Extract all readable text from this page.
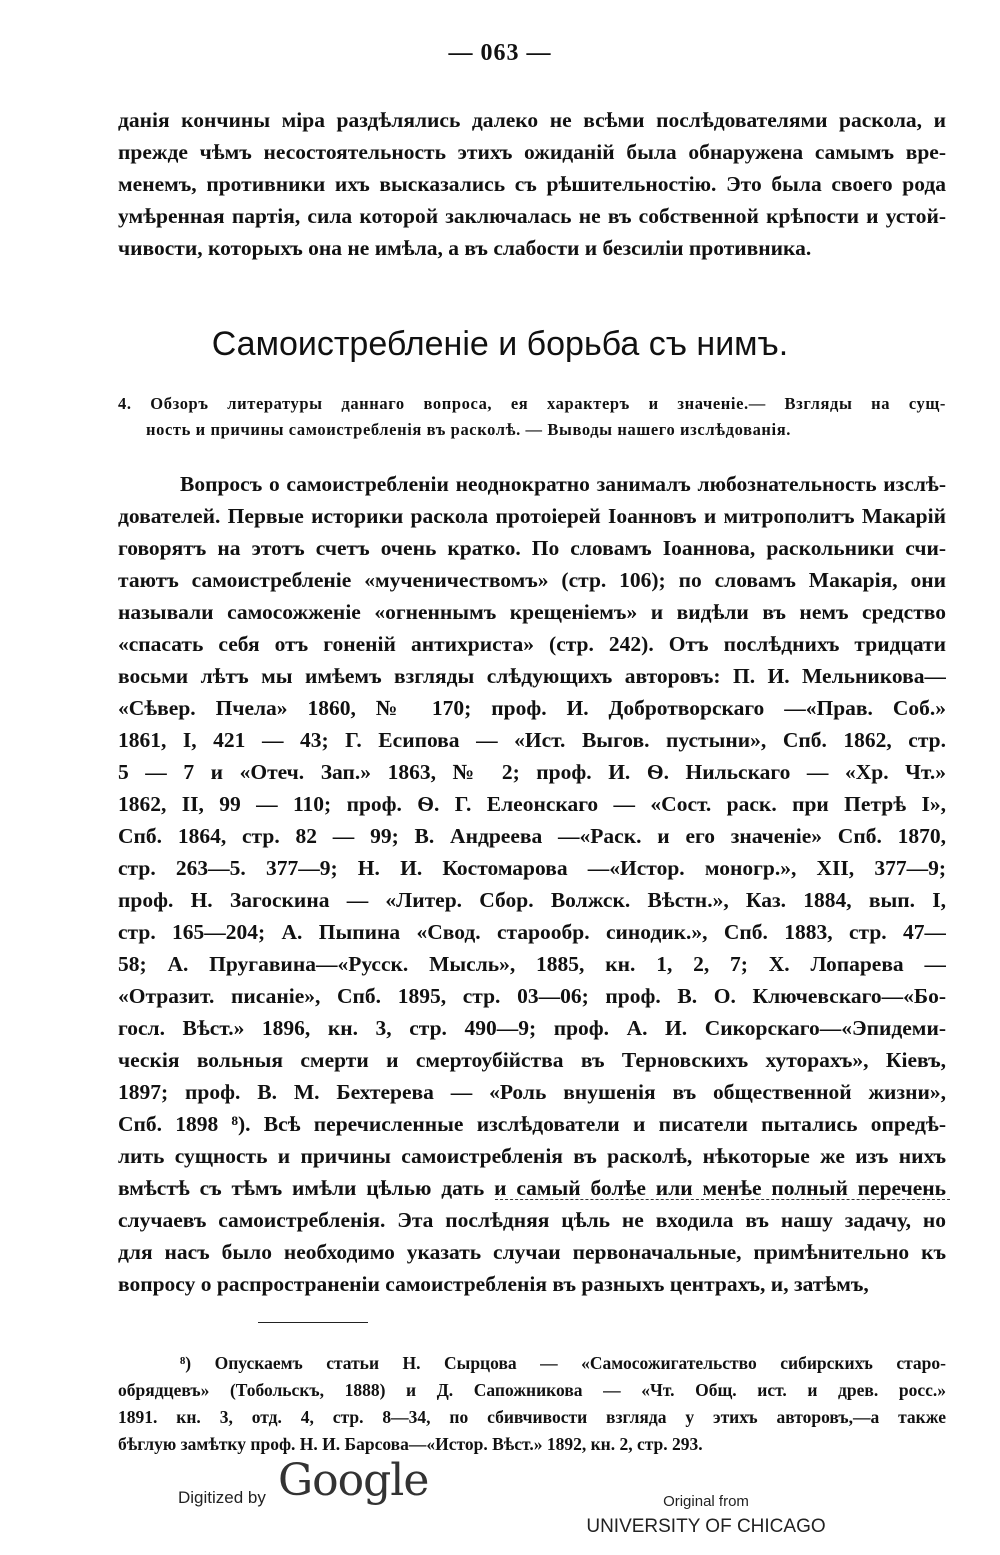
— 063 —
данія кончины міра раздѣлялись далеко не всѣми послѣдователями раскола, и
прежде чѣмъ несостоятельность этихъ ожиданій была обнаружена самымъ вре-
менемъ, противники ихъ высказались съ рѣшительностію. Это была своего рода
умѣренная партія, сила которой заключалась не въ собственной крѣпости и устой-
чивости, которыхъ она не имѣла, а въ слабости и безсиліи противника.
Самоистребленіе и борьба съ нимъ.
4. Обзоръ литературы даннаго вопроса, ея характеръ и значеніе.— Взгляды на сущ-
ность и причины самоистребленія въ расколѣ. — Выводы нашего изслѣдованія.
Вопросъ о самоистребленіи неоднократно занималъ любознательность изслѣ-
дователей. Первые историки раскола протоіерей Іоанновъ и митрополитъ Макарій
говорятъ на этотъ счетъ очень кратко. По словамъ Іоаннова, раскольники счи-
таютъ самоистребленіе «мученичествомъ» (стр. 106); по словамъ Макарія, они
называли самосожженіе «огненнымъ крещеніемъ» и видѣли въ немъ средство
«спасать себя отъ гоненій антихриста» (стр. 242). Отъ послѣднихъ тридцати
восьми лѣтъ мы имѣемъ взгляды слѣдующихъ авторовъ: П. И. Мельникова—
«Сѣвер. Пчела» 1860, № 170; проф. И. Добротворскаго —«Прав. Соб.»
1861, I, 421 — 43; Г. Есипова — «Ист. Выгов. пустыни», Спб. 1862, стр.
5 — 7 и «Отеч. Зап.» 1863, № 2; проф. И. Ѳ. Нильскаго — «Хр. Чт.»
1862, II, 99 — 110; проф. Ѳ. Г. Елеонскаго — «Сост. раск. при Петрѣ I»,
Спб. 1864, стр. 82 — 99; В. Андреева —«Раск. и его значеніе» Спб. 1870,
стр. 263—5. 377—9; Н. И. Костомарова —«Истор. моногр.», XII, 377—9;
проф. Н. Загоскина — «Литер. Сбор. Волжск. Вѣстн.», Каз. 1884, вып. I,
стр. 165—204; А. Пыпина «Свод. старообр. синодик.», Спб. 1883, стр. 47—
58; А. Пругавина—«Русск. Мысль», 1885, кн. 1, 2, 7; Х. Лопарева —
«Отразит. писаніе», Спб. 1895, стр. 03—06; проф. В. О. Ключевскаго—«Бо-
госл. Вѣст.» 1896, кн. 3, стр. 490—9; проф. А. И. Сикорскаго—«Эпидеми-
ческія вольныя смерти и смертоубійства въ Терновскихъ хуторахъ», Кіевъ,
1897; проф. В. М. Бехтерева — «Роль внушенія въ общественной жизни»,
Спб. 1898 ⁸). Всѣ перечисленные изслѣдователи и писатели пытались опредѣ-
лить сущность и причины самоистребленія въ расколѣ, нѣкоторые же изъ нихъ
вмѣстѣ съ тѣмъ имѣли цѣлью дать и самый болѣе или менѣе полный перечень
случаевъ самоистребленія. Эта послѣдняя цѣль не входила въ нашу задачу, но
для насъ было необходимо указать случаи первоначальные, примѣнительно къ
вопросу о распространеніи самоистребленія въ разныхъ центрахъ, и, затѣмъ,
⁸) Опускаемъ статьи Н. Сырцова — «Самосожигательство сибирскихъ старо-
обрядцевъ» (Тобольскъ, 1888) и Д. Сапожникова — «Чт. Общ. ист. и древ. росс.»
1891. кн. 3, отд. 4, стр. 8—34, по сбивчивости взгляда у этихъ авторовъ,—а также
бѣглую замѣтку проф. Н. И. Барсова—«Истор. Вѣст.» 1892, кн. 2, стр. 293.
Digitized by Google	Original from
UNIVERSITY OF CHICAGO
